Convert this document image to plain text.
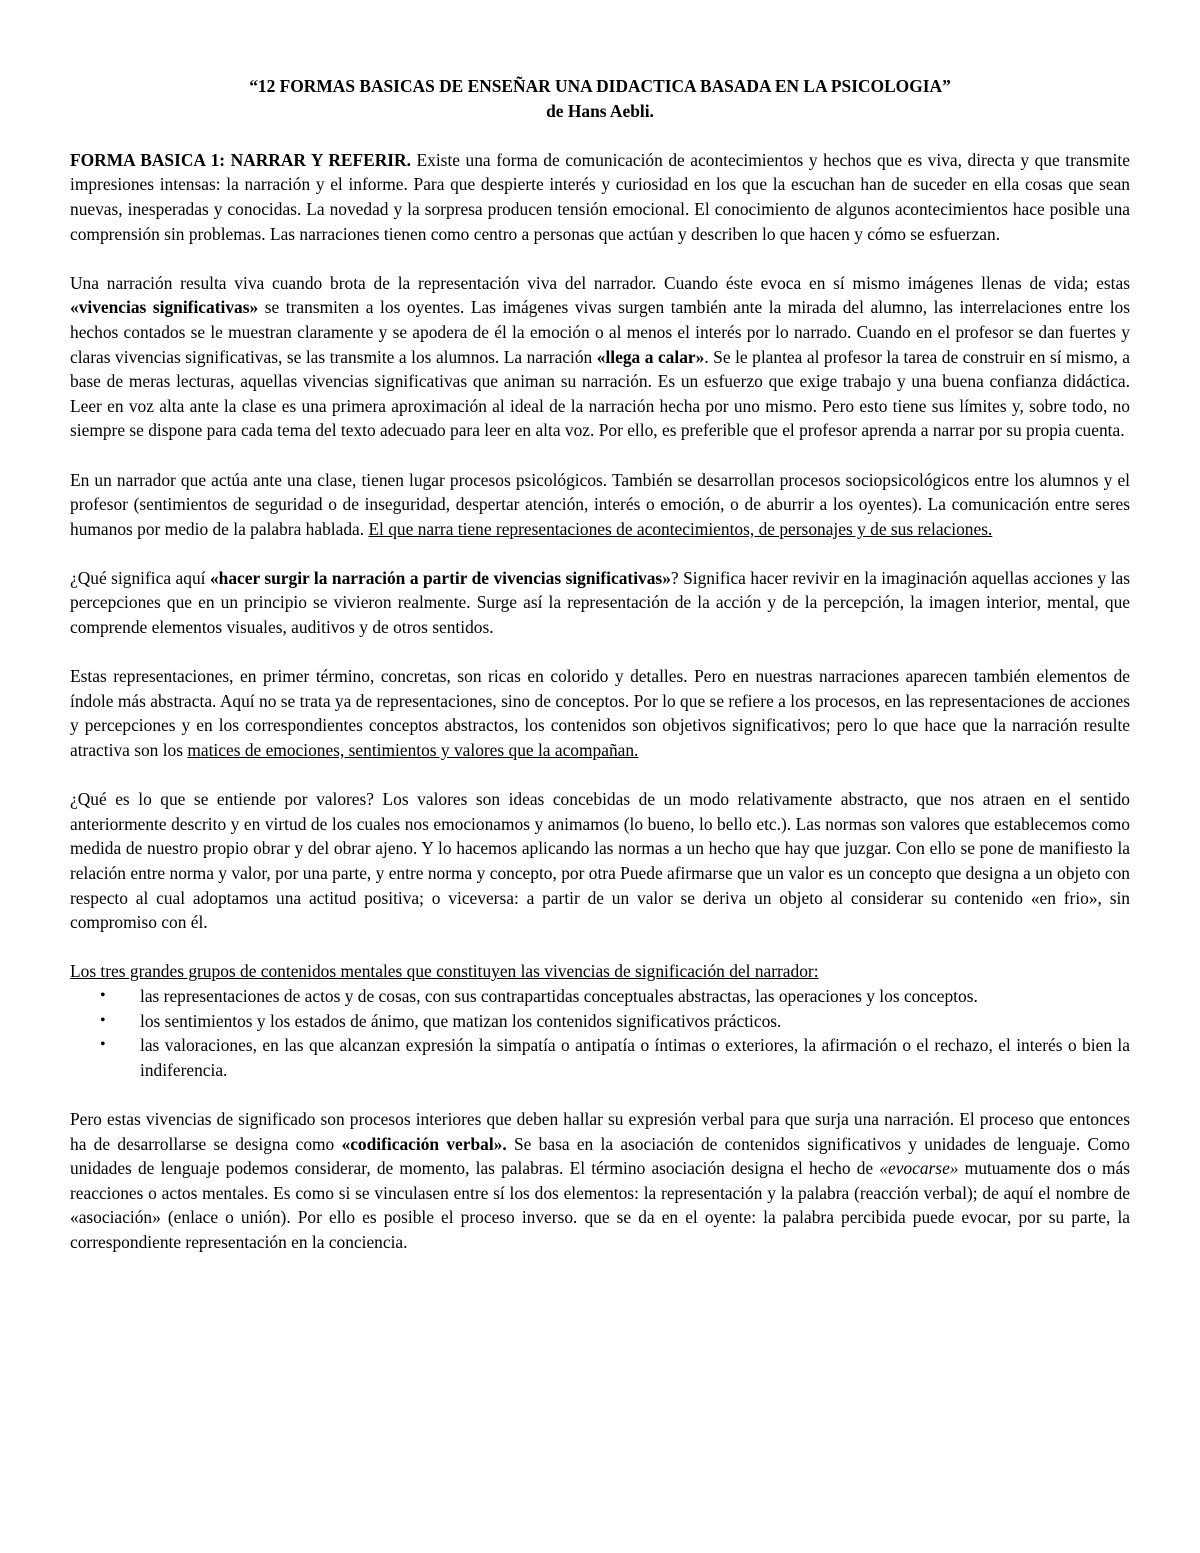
“12 FORMAS BASICAS DE ENSEÑAR UNA DIDACTICA BASADA EN LA PSICOLOGIA”

de Hans Aebli.

FORMA BASICA 1: NARRAR Y REFERIR. Existe una forma de comunicación de acontecimientos y hechos que es viva, directa y que transmite impresiones intensas: la narración y el informe. Para que despierte interés y curiosidad en los que la escuchan han de suceder en ella cosas que sean nuevas, inesperadas y conocidas. La novedad y la sorpresa producen tensión emocional. El conocimiento de algunos acontecimientos hace posible una comprensión sin problemas. Las narraciones tienen como centro a personas que actúan y describen lo que hacen y cómo se esfuerzan.

Una narración resulta viva cuando brota de la representación viva del narrador. Cuando éste evoca en sí mismo imágenes llenas de vida; estas «vivencias significativas» se transmiten a los oyentes. Las imágenes vivas surgen también ante la mirada del alumno, las interrelaciones entre los hechos contados se le muestran claramente y se apodera de él la emoción o al menos el interés por lo narrado. Cuando en el profesor se dan fuertes y claras vivencias significativas, se las transmite a los alumnos. La narración «llega a calar». Se le plantea al profesor la tarea de construir en sí mismo, a base de meras lecturas, aquellas vivencias significativas que animan su narración. Es un esfuerzo que exige trabajo y una buena confianza didáctica. Leer en voz alta ante la clase es una primera aproximación al ideal de la narración hecha por uno mismo. Pero esto tiene sus límites y, sobre todo, no siempre se dispone para cada tema del texto adecuado para leer en alta voz. Por ello, es preferible que el profesor aprenda a narrar por su propia cuenta.

En un narrador que actúa ante una clase, tienen lugar procesos psicológicos. También se desarrollan procesos sociopsicológicos entre los alumnos y el profesor (sentimientos de seguridad o de inseguridad, despertar atención, interés o emoción, o de aburrir a los oyentes). La comunicación entre seres humanos por medio de la palabra hablada. El que narra tiene representaciones de acontecimientos, de personajes y de sus relaciones.

¿Qué significa aquí «hacer surgir la narración a partir de vivencias significativas»? Significa hacer revivir en la imaginación aquellas acciones y las percepciones que en un principio se vivieron realmente. Surge así la representación de la acción y de la percepción, la imagen interior, mental, que comprende elementos visuales, auditivos y de otros sentidos.

Estas representaciones, en primer término, concretas, son ricas en colorido y detalles. Pero en nuestras narraciones aparecen también elementos de índole más abstracta. Aquí no se trata ya de representaciones, sino de conceptos. Por lo que se refiere a los procesos, en las representaciones de acciones y percepciones y en los correspondientes conceptos abstractos, los contenidos son objetivos significativos; pero lo que hace que la narración resulte atractiva son los matices de emociones, sentimientos y valores que la acompañan.

¿Qué es lo que se entiende por valores? Los valores son ideas concebidas de un modo relativamente abstracto, que nos atraen en el sentido anteriormente descrito y en virtud de los cuales nos emocionamos y animamos (lo bueno, lo bello etc.). Las normas son valores que establecemos como medida de nuestro propio obrar y del obrar ajeno. Y lo hacemos aplicando las normas a un hecho que hay que juzgar. Con ello se pone de manifiesto la relación entre norma y valor, por una parte, y entre norma y concepto, por otra Puede afirmarse que un valor es un concepto que designa a un objeto con respecto al cual adoptamos una actitud positiva; o viceversa: a partir de un valor se deriva un objeto al considerar su contenido «en frio», sin compromiso con él.

Los tres grandes grupos de contenidos mentales que constituyen las vivencias de significación del narrador:

• las representaciones de actos y de cosas, con sus contrapartidas conceptuales abstractas, las operaciones y los conceptos.
• los sentimientos y los estados de ánimo, que matizan los contenidos significativos prácticos.
• las valoraciones, en las que alcanzan expresión la simpatía o antipatía o íntimas o exteriores, la afirmación o el rechazo, el interés o bien la indiferencia.

Pero estas vivencias de significado son procesos interiores que deben hallar su expresión verbal para que surja una narración. El proceso que entonces ha de desarrollarse se designa como «codificación verbal». Se basa en la asociación de contenidos significativos y unidades de lenguaje. Como unidades de lenguaje podemos considerar, de momento, las palabras. El término asociación designa el hecho de «evocarse» mutuamente dos o más reacciones o actos mentales. Es como si se vinculasen entre sí los dos elementos: la representación y la palabra (reacción verbal); de aquí el nombre de «asociación» (enlace o unión). Por ello es posible el proceso inverso. que se da en el oyente: la palabra percibida puede evocar, por su parte, la correspondiente representación en la conciencia.
